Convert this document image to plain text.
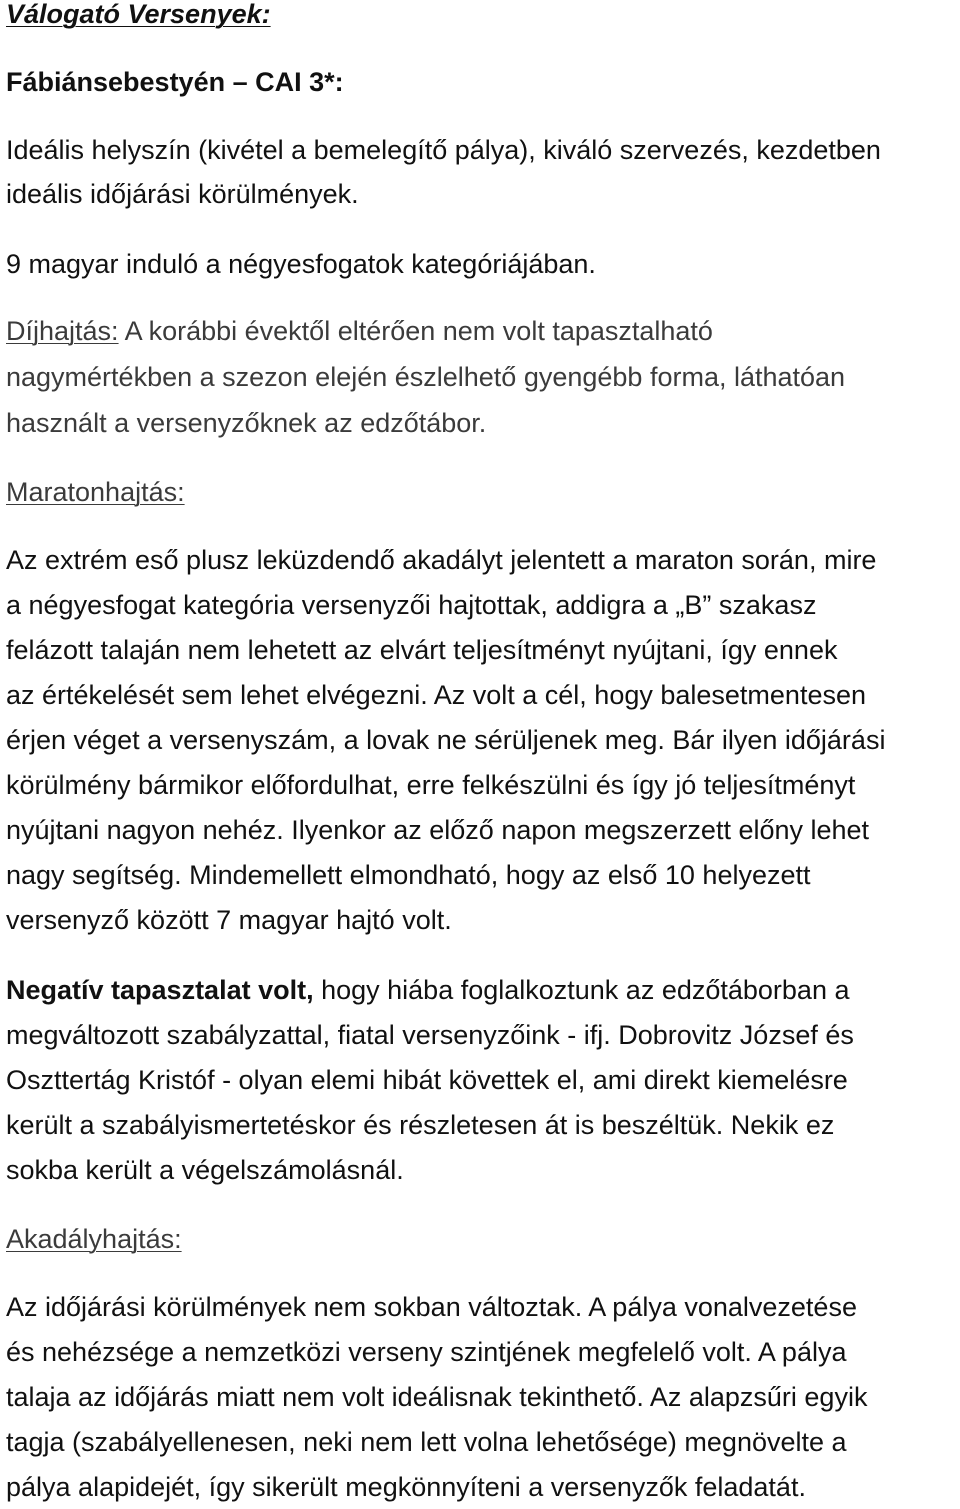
Válogató Versenyek:
Fábiánsebestyén – CAI 3*:
Ideális helyszín (kivétel a bemelegítő pálya), kiváló szervezés, kezdetben
ideális időjárási körülmények.
9 magyar induló a négyesfogatok kategóriájában.
Díjhajtás: A korábbi évektől eltérően nem volt tapasztalható
nagymértékben a szezon elején észlelhető gyengébb forma, láthatóan
használt a versenyzőknek az edzőtábor.
Maratonhajtás:
Az extrém eső plusz leküzdendő akadályt jelentett a maraton során, mire
a négyesfogat kategória versenyzői hajtottak, addigra a „B” szakasz
felázott talaján nem lehetett az elvárt teljesítményt nyújtani, így ennek
az értékelését sem lehet elvégezni. Az volt a cél, hogy balesetmentesen
érjen véget a versenyszám, a lovak ne sérüljenek meg. Bár ilyen időjárási
körülmény bármikor előfordulhat, erre felkészülni és így jó teljesítményt
nyújtani nagyon nehéz. Ilyenkor az előző napon megszerzett előny lehet
nagy segítség. Mindemellett elmondható, hogy az első 10 helyezett
versenyző között 7 magyar hajtó volt.
Negatív tapasztalat volt, hogy hiába foglalkoztunk az edzőtáborban a
megváltozott szabályzattal, fiatal versenyzőink - ifj. Dobrovitz József és
Oszttertág Kristóf - olyan elemi hibát követtek el, ami direkt kiemelésre
került a szabályismertetéskor és részletesen át is beszéltük. Nekik ez
sokba került a végelszámolásnál.
Akadályhajtás:
Az időjárási körülmények nem sokban változtak. A pálya vonalvezetése
és nehézsége a nemzetközi verseny szintjének megfelelő volt. A pálya
talaja az időjárás miatt nem volt ideálisnak tekinthető. Az alapzsűri egyik
tagja (szabályellenesen, neki nem lett volna lehetősége) megnövelte a
pálya alapidejét, így sikerült megkönnyíteni a versenyzők feladatát.
